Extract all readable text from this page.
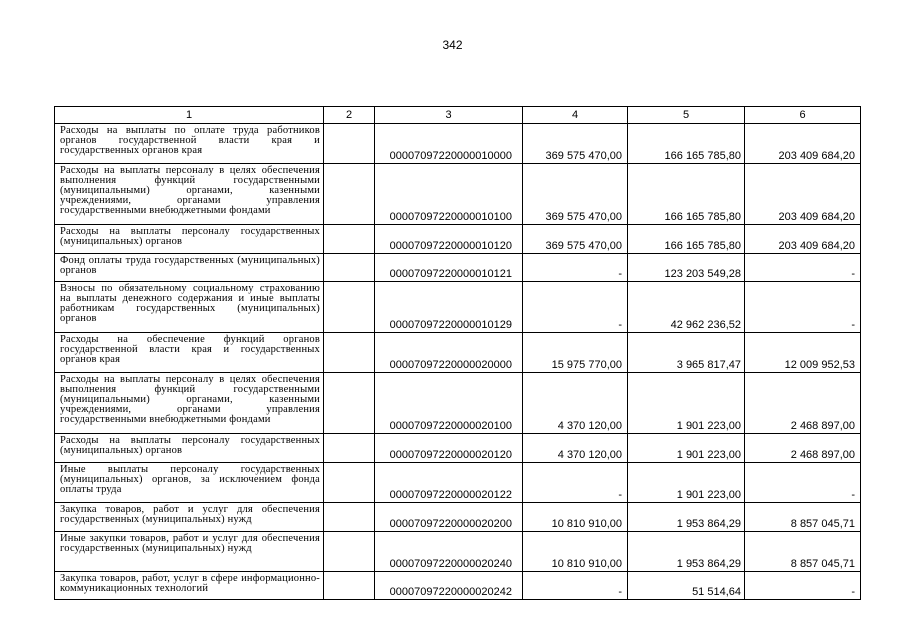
342
1	2	3	4	5	6
Расходы на выплаты по оплате труда работников органов государственной власти края и государственных органов края		00007097220000010000	369 575 470,00	166 165 785,80	203 409 684,20
Расходы на выплаты персоналу в целях обеспечения выполнения функций государственными (муниципальными) органами, казенными учреждениями, органами управления государственными внебюджетными фондами		00007097220000010100	369 575 470,00	166 165 785,80	203 409 684,20
Расходы на выплаты персоналу государственных (муниципальных) органов		00007097220000010120	369 575 470,00	166 165 785,80	203 409 684,20
Фонд оплаты труда государственных (муниципальных) органов		00007097220000010121	-	123 203 549,28	-
Взносы по обязательному социальному страхованию на выплаты денежного содержания и иные выплаты работникам государственных (муниципальных) органов		00007097220000010129	-	42 962 236,52	-
Расходы на обеспечение функций органов государственной власти края и государственных органов края		00007097220000020000	15 975 770,00	3 965 817,47	12 009 952,53
Расходы на выплаты персоналу в целях обеспечения выполнения функций государственными (муниципальными) органами, казенными учреждениями, органами управления государственными внебюджетными фондами		00007097220000020100	4 370 120,00	1 901 223,00	2 468 897,00
Расходы на выплаты персоналу государственных (муниципальных) органов		00007097220000020120	4 370 120,00	1 901 223,00	2 468 897,00
Иные выплаты персоналу государственных (муниципальных) органов, за исключением фонда оплаты труда		00007097220000020122	-	1 901 223,00	-
Закупка товаров, работ и услуг для обеспечения государственных (муниципальных) нужд		00007097220000020200	10 810 910,00	1 953 864,29	8 857 045,71
Иные закупки товаров, работ и услуг для обеспечения государственных (муниципальных) нужд		00007097220000020240	10 810 910,00	1 953 864,29	8 857 045,71
Закупка товаров, работ, услуг в сфере информационно-коммуникационных технологий		00007097220000020242	-	51 514,64	-
